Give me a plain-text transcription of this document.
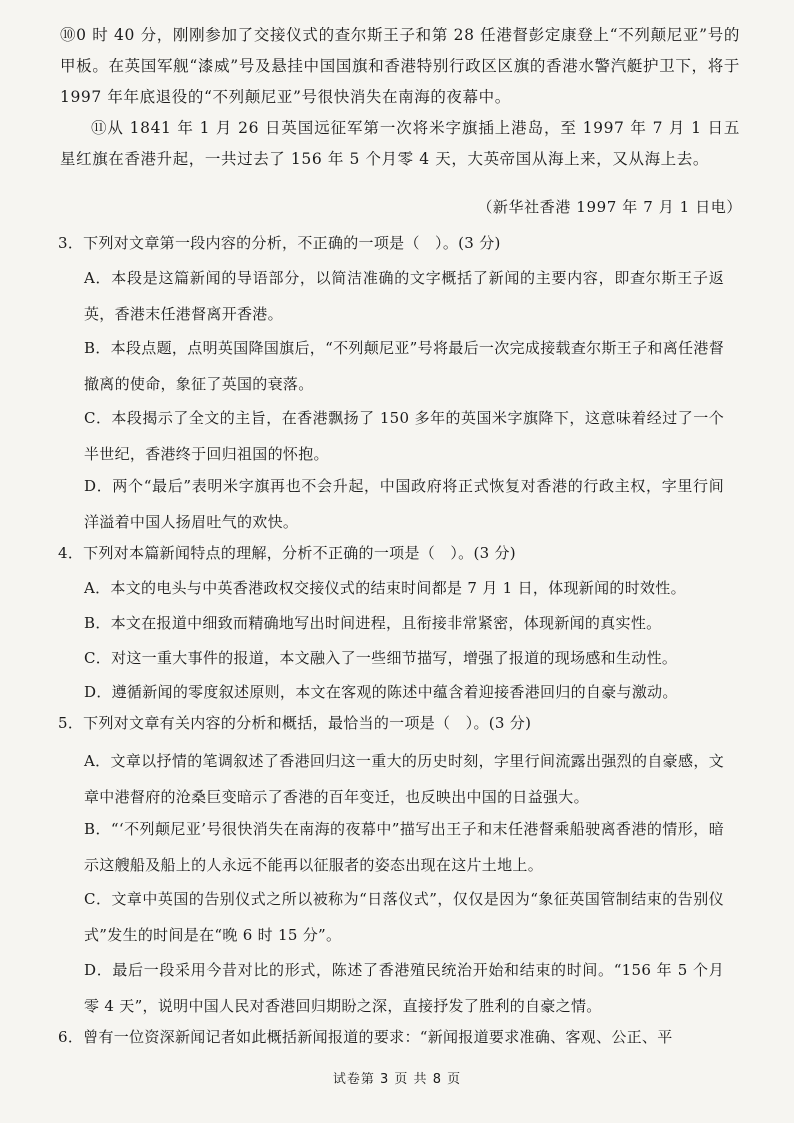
⑩0 时 40 分，刚刚参加了交接仪式的查尔斯王子和第 28 任港督彭定康登上“不列颠尼亚”号的甲板。在英国军舰“漆威”号及悬挂中国国旗和香港特别行政区区旗的香港水警汽艇护卫下，将于 1997 年年底退役的“不列颠尼亚”号很快消失在南海的夜幕中。

⑪从 1841 年 1 月 26 日英国远征军第一次将米字旗插上港岛，至 1997 年 7 月 1 日五星红旗在香港升起，一共过去了 156 年 5 个月零 4 天，大英帝国从海上来，又从海上去。

（新华社香港 1997 年 7 月 1 日电）

3．下列对文章第一段内容的分析，不正确的一项是（　）。(3 分)

A．本段是这篇新闻的导语部分，以简洁准确的文字概括了新闻的主要内容，即查尔斯王子返英，香港末任港督离开香港。

B．本段点题，点明英国降国旗后，“不列颠尼亚”号将最后一次完成接载查尔斯王子和离任港督撤离的使命，象征了英国的衰落。

C．本段揭示了全文的主旨，在香港飘扬了 150 多年的英国米字旗降下，这意味着经过了一个半世纪，香港终于回归祖国的怀抱。

D．两个“最后”表明米字旗再也不会升起，中国政府将正式恢复对香港的行政主权，字里行间洋溢着中国人扬眉吐气的欢快。

4．下列对本篇新闻特点的理解，分析不正确的一项是（　）。(3 分)

A．本文的电头与中英香港政权交接仪式的结束时间都是 7 月 1 日，体现新闻的时效性。

B．本文在报道中细致而精确地写出时间进程，且衔接非常紧密，体现新闻的真实性。

C．对这一重大事件的报道，本文融入了一些细节描写，增强了报道的现场感和生动性。

D．遵循新闻的零度叙述原则，本文在客观的陈述中蕴含着迎接香港回归的自豪与激动。

5．下列对文章有关内容的分析和概括，最恰当的一项是（　）。(3 分)

A．文章以抒情的笔调叙述了香港回归这一重大的历史时刻，字里行间流露出强烈的自豪感，文章中港督府的沧桑巨变暗示了香港的百年变迁，也反映出中国的日益强大。

B．“‘不列颠尼亚’号很快消失在南海的夜幕中”描写出王子和末任港督乘船驶离香港的情形，暗示这艘船及船上的人永远不能再以征服者的姿态出现在这片土地上。

C．文章中英国的告别仪式之所以被称为“日落仪式”，仅仅是因为“象征英国管制结束的告别仪式”发生的时间是在“晚 6 时 15 分”。

D．最后一段采用今昔对比的形式，陈述了香港殖民统治开始和结束的时间。“156 年 5 个月零 4 天”，说明中国人民对香港回归期盼之深，直接抒发了胜利的自豪之情。

6．曾有一位资深新闻记者如此概括新闻报道的要求：“新闻报道要求准确、客观、公正、平

试卷第 3 页 共 8 页
